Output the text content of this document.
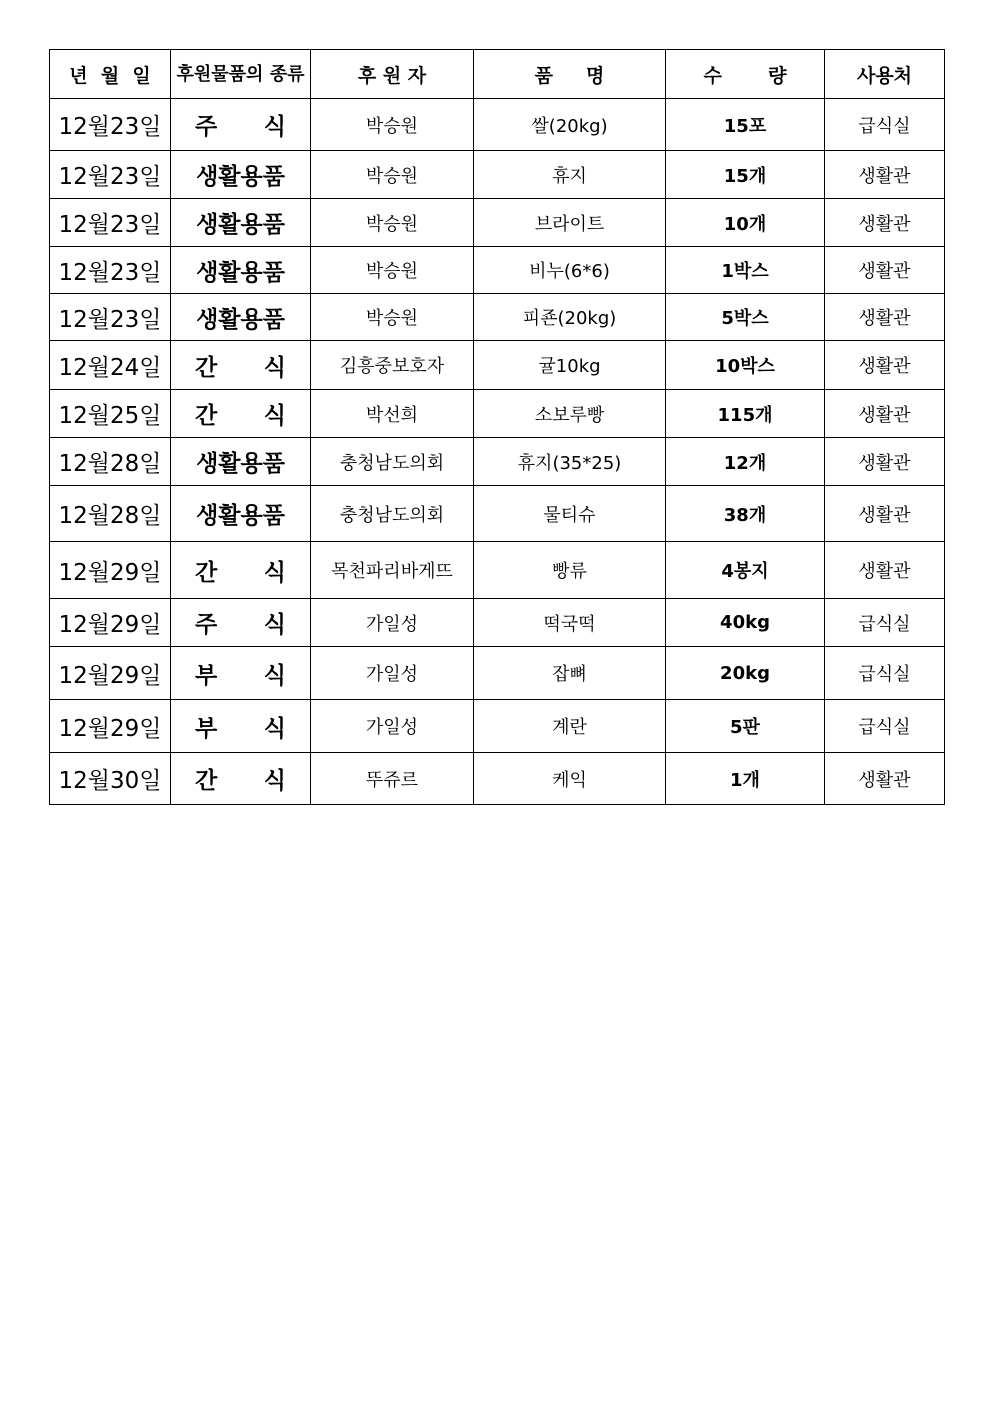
년  월  일	후원물품의 종류	후 원 자	품     명	수       량	사용처
12월23일	주 식	박승원	쌀(20kg)	15포	급식실
12월23일	생활용품	박승원	휴지	15개	생활관
12월23일	생활용품	박승원	브라이트	10개	생활관
12월23일	생활용품	박승원	비누(6*6)	1박스	생활관
12월23일	생활용품	박승원	피죤(20kg)	5박스	생활관
12월24일	간 식	김흥중보호자	귤10kg	10박스	생활관
12월25일	간 식	박선희	소보루빵	115개	생활관
12월28일	생활용품	충청남도의회	휴지(35*25)	12개	생활관
12월28일	생활용품	충청남도의회	물티슈	38개	생활관
12월29일	간 식	목천파리바게뜨	빵류	4봉지	생활관
12월29일	주 식	가일성	떡국떡	40kg	급식실
12월29일	부 식	가일성	잡뼈	20kg	급식실
12월29일	부 식	가일성	계란	5판	급식실
12월30일	간 식	뚜쥬르	케익	1개	생활관
